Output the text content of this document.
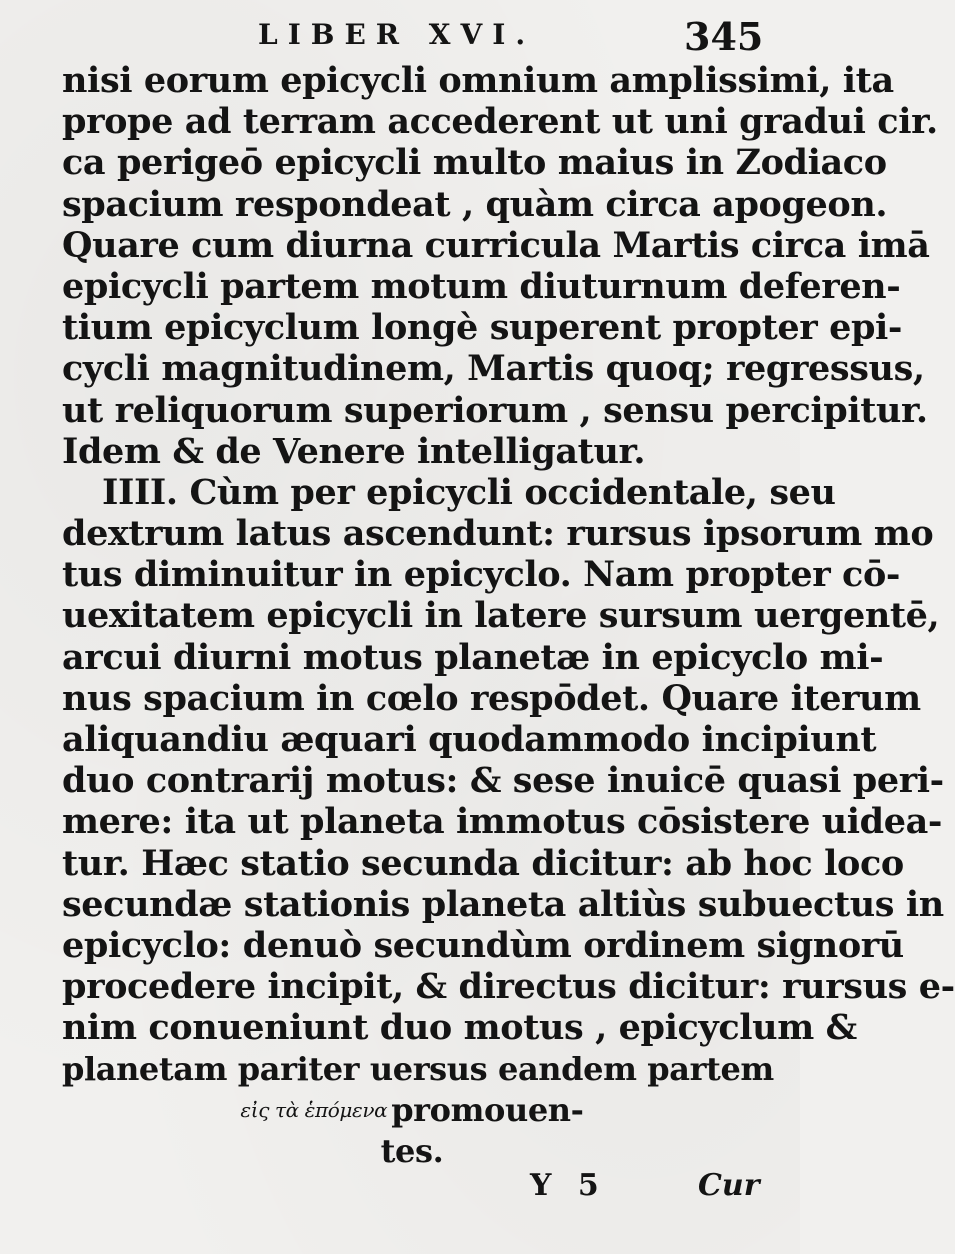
LIBER XVI.	345
nisi eorum epicycli omnium amplissimi, ita
prope ad terram accederent ut uni gradui cir.
ca perigeō epicycli multo maius in Zodiaco
spacium respondeat , quàm circa apogeon.
Quare cum diurna curricula Martis circa imā
epicycli partem motum diuturnum deferen-
tium epicyclum longè superent propter epi-
cycli magnitudinem, Martis quoq; regressus,
ut reliquorum superiorum , sensu percipitur.
Idem & de Venere intelligatur.
IIII. Cùm per epicycli occidentale, seu
dextrum latus ascendunt: rursus ipsorum mo
tus diminuitur in epicyclo. Nam propter cō-
uexitatem epicycli in latere sursum uergentē,
arcui diurni motus planetæ in epicyclo mi-
nus spacium in cœlo respōdet. Quare iterum
aliquandiu æquari quodammodo incipiunt
duo contrarij motus: & sese inuicē quasi peri-
mere: ita ut planeta immotus cōsistere uidea-
tur. Hæc statio secunda dicitur: ab hoc loco
secundæ stationis planeta altiùs subuectus in
epicyclo: denuò secundùm ordinem signorū
procedere incipit, & directus dicitur: rursus e-
nim conueniunt duo motus , epicyclum &
planetam pariter uersus eandem partem
εἰς τὰ ἑπόμενα promouen-
tes.
Y 5	Cur
